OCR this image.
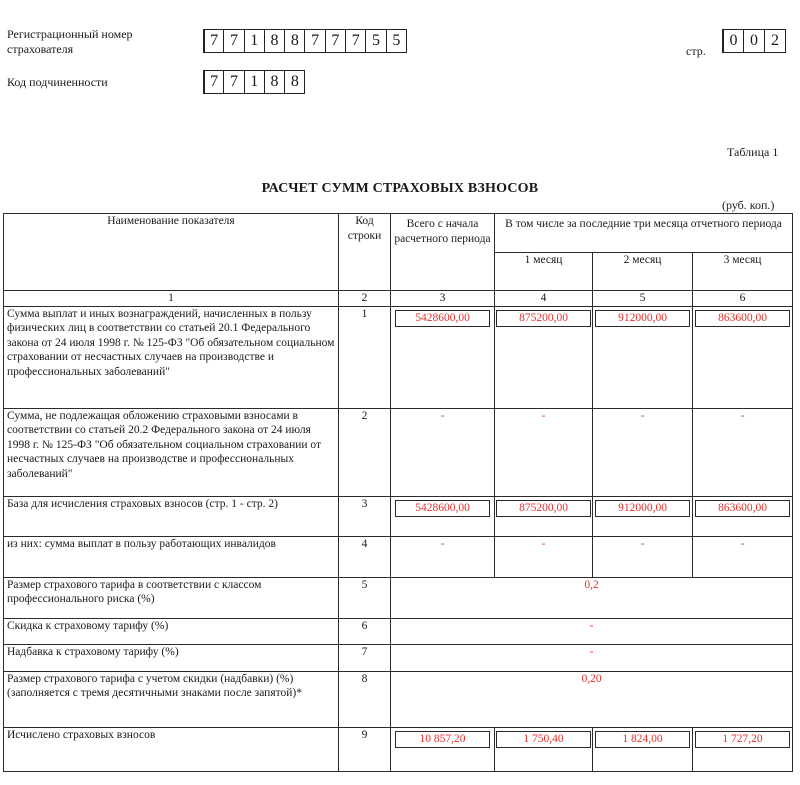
Регистрационный номер страхователя	7 7 1 8 8 7 7 7 5 5
Код подчиненности	7 7 1 8 8
стр.
0 0 2
Таблица 1
РАСЧЕТ СУММ СТРАХОВЫХ ВЗНОСОВ
(руб. коп.)
Наименование показателя	Код строки	Всего с начала расчетного периода	В том числе за последние три месяца отчетного периода		
			1 месяц	2 месяц	3 месяц
1	2	3	4	5	6
Сумма выплат и иных вознаграждений, начисленных в пользу физических лиц в соответствии со статьей 20.1 Федерального закона от 24 июля 1998 г. № 125-ФЗ "Об обязательном социальном страховании от несчастных случаев на производстве и профессиональных заболеваний"	1	5428600,00	875200,00	912000,00	863600,00

Сумма, не подлежащая обложению страховыми взносами в соответствии со статьей 20.2 Федерального закона от 24 июля 1998 г. № 125-ФЗ "Об обязательном социальном страховании от несчастных случаев на производстве и профессиональных заболеваний"	2	-	-	-	-
База для исчисления страховых взносов (стр. 1 - стр. 2)	3	5428600,00	875200,00	912000,00	863600,00

из них: сумма выплат в пользу работающих инвалидов	4	-	-	-	-
Размер страхового тарифа в соответствии с классом профессионального риска (%)	5	0,2			
Скидка к страховому тарифу (%)	6	-			
Надбавка к страховому тарифу (%)	7	-			
Размер страхового тарифа с учетом скидки (надбавки) (%) (заполняется с тремя десятичными знаками после запятой)*	8	0,20			
Исчислено страховых взносов	9	10 857,20	1 750,40	1 824,00	1 727,20
